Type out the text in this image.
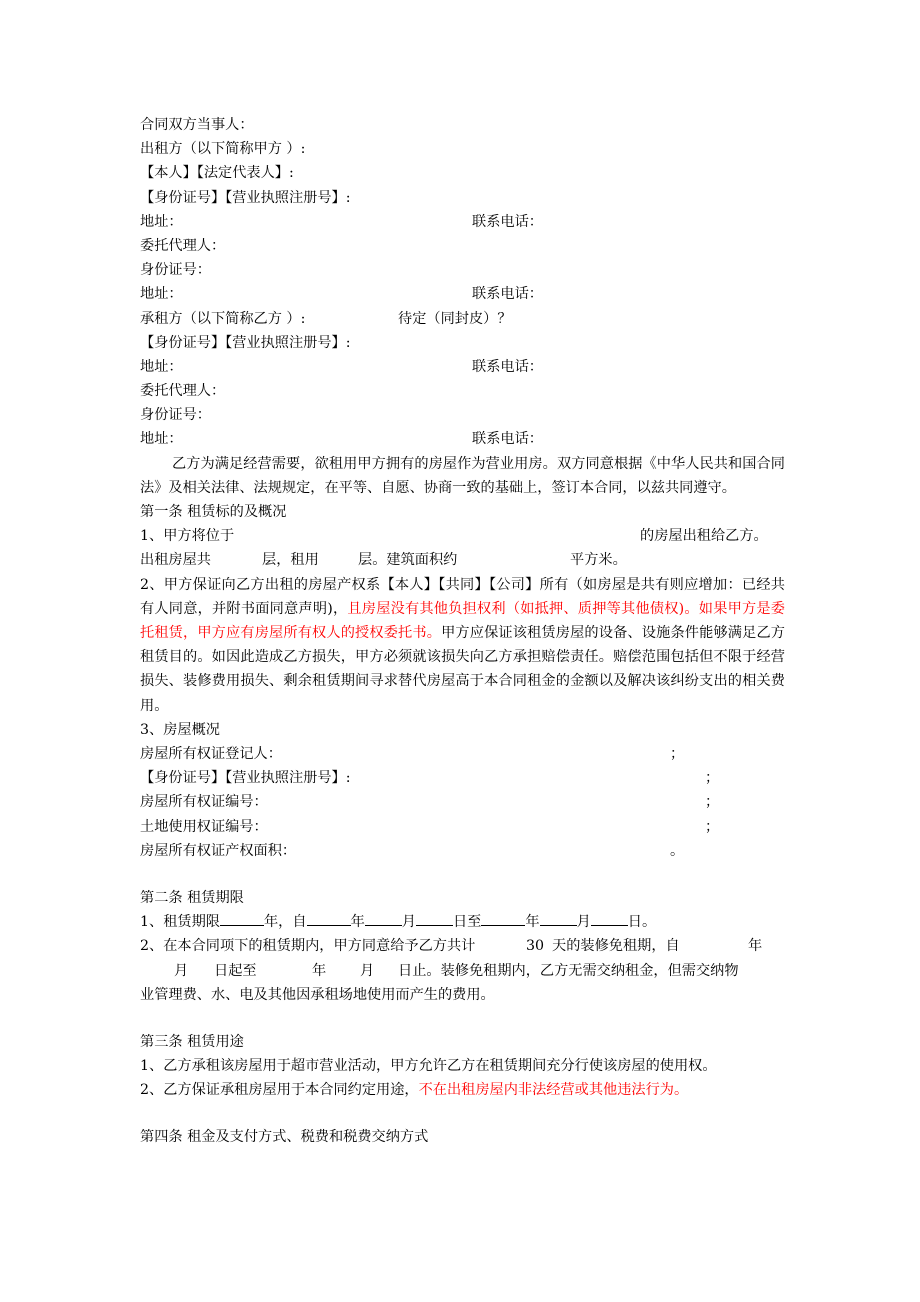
合同双方当事人：
出租方（以下简称甲方 ）:
【本人】【法定代表人】:
【身份证号】【营业执照注册号】:
地址：	联系电话：
委托代理人：
身份证号：
地址：	联系电话：
承租方（以下简称乙方 ）:	待定（同封皮）？
【身份证号】【营业执照注册号】:
地址：	联系电话：
委托代理人：
身份证号：
地址：	联系电话：
乙方为满足经营需要，欲租用甲方拥有的房屋作为营业用房。双方同意根据《中华人民共和国合同法》及相关法律、法规规定，在平等、自愿、协商一致的基础上，签订本合同，以兹共同遵守。
第一条 租赁标的及概况
1、甲方将位于	的房屋出租给乙方。
出租房屋共	层，租用	层。建筑面积约	平方米。
2、甲方保证向乙方出租的房屋产权系【本人】【共同】【公司】所有（如房屋是共有则应增加：已经共有人同意，并附书面同意声明)，且房屋没有其他负担权利（如抵押、质押等其他债权)。如果甲方是委托租赁，甲方应有房屋所有权人的授权委托书。甲方应保证该租赁房屋的设备、设施条件能够满足乙方租赁目的。如因此造成乙方损失，甲方必须就该损失向乙方承担赔偿责任。赔偿范围包括但不限于经营损失、装修费用损失、剩余租赁期间寻求替代房屋高于本合同租金的金额以及解决该纠纷支出的相关费用。
3、房屋概况
房屋所有权证登记人：	；
【身份证号】【营业执照注册号】:	；
房屋所有权证编号：	；
土地使用权证编号：	；
房屋所有权证产权面积：	。
第二条 租赁期限
1、租赁期限	年，自	年	月	日至	年	月	日。
2、在本合同项下的租赁期内，甲方同意给予乙方共计	30 天的装修免租期，自	年
月 日起至	年 月 日止。装修免租期内，乙方无需交纳租金，但需交纳物
业管理费、水、电及其他因承租场地使用而产生的费用。
第三条 租赁用途
1、乙方承租该房屋用于超市营业活动，甲方允许乙方在租赁期间充分行使该房屋的使用权。
2、乙方保证承租房屋用于本合同约定用途，不在出租房屋内非法经营或其他违法行为。
第四条 租金及支付方式、税费和税费交纳方式
